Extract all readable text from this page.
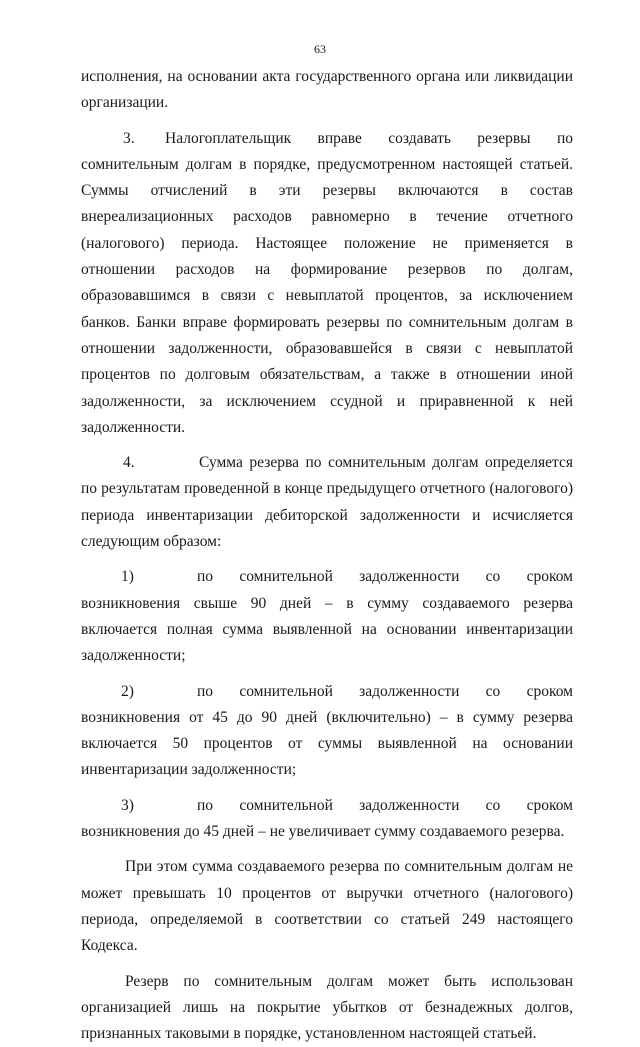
63

исполнения, на основании акта государственного органа или ликвидации организации.

3. Налогоплательщик вправе создавать резервы по сомнительным долгам в порядке, предусмотренном настоящей статьей. Суммы отчислений в эти резервы включаются в состав внереализационных расходов равномерно в течение отчетного (налогового) периода. Настоящее положение не применяется в отношении расходов на формирование резервов по долгам, образовавшимся в связи с невыплатой процентов, за исключением банков. Банки вправе формировать резервы по сомнительным долгам в отношении задолженности, образовавшейся в связи с невыплатой процентов по долговым обязательствам, а также в отношении иной задолженности, за исключением ссудной и приравненной к ней задолженности.

4.	Сумма резерва по сомнительным долгам определяется по результатам проведенной в конце предыдущего отчетного (налогового) периода инвентаризации дебиторской задолженности и исчисляется следующим образом:

1)	по сомнительной задолженности со сроком возникновения свыше 90 дней – в сумму создаваемого резерва включается полная сумма выявленной на основании инвентаризации задолженности;

2)	по сомнительной задолженности со сроком возникновения от 45 до 90 дней (включительно) – в сумму резерва включается 50 процентов от суммы выявленной на основании инвентаризации задолженности;

3)	по сомнительной задолженности со сроком возникновения до 45 дней – не увеличивает сумму создаваемого резерва.

При этом сумма создаваемого резерва по сомнительным долгам не может превышать 10 процентов от выручки отчетного (налогового) периода, определяемой в соответствии со статьей 249 настоящего Кодекса.

Резерв по сомнительным долгам может быть использован организацией лишь на покрытие убытков от безнадежных долгов, признанных таковыми в порядке, установленном настоящей статьей.
